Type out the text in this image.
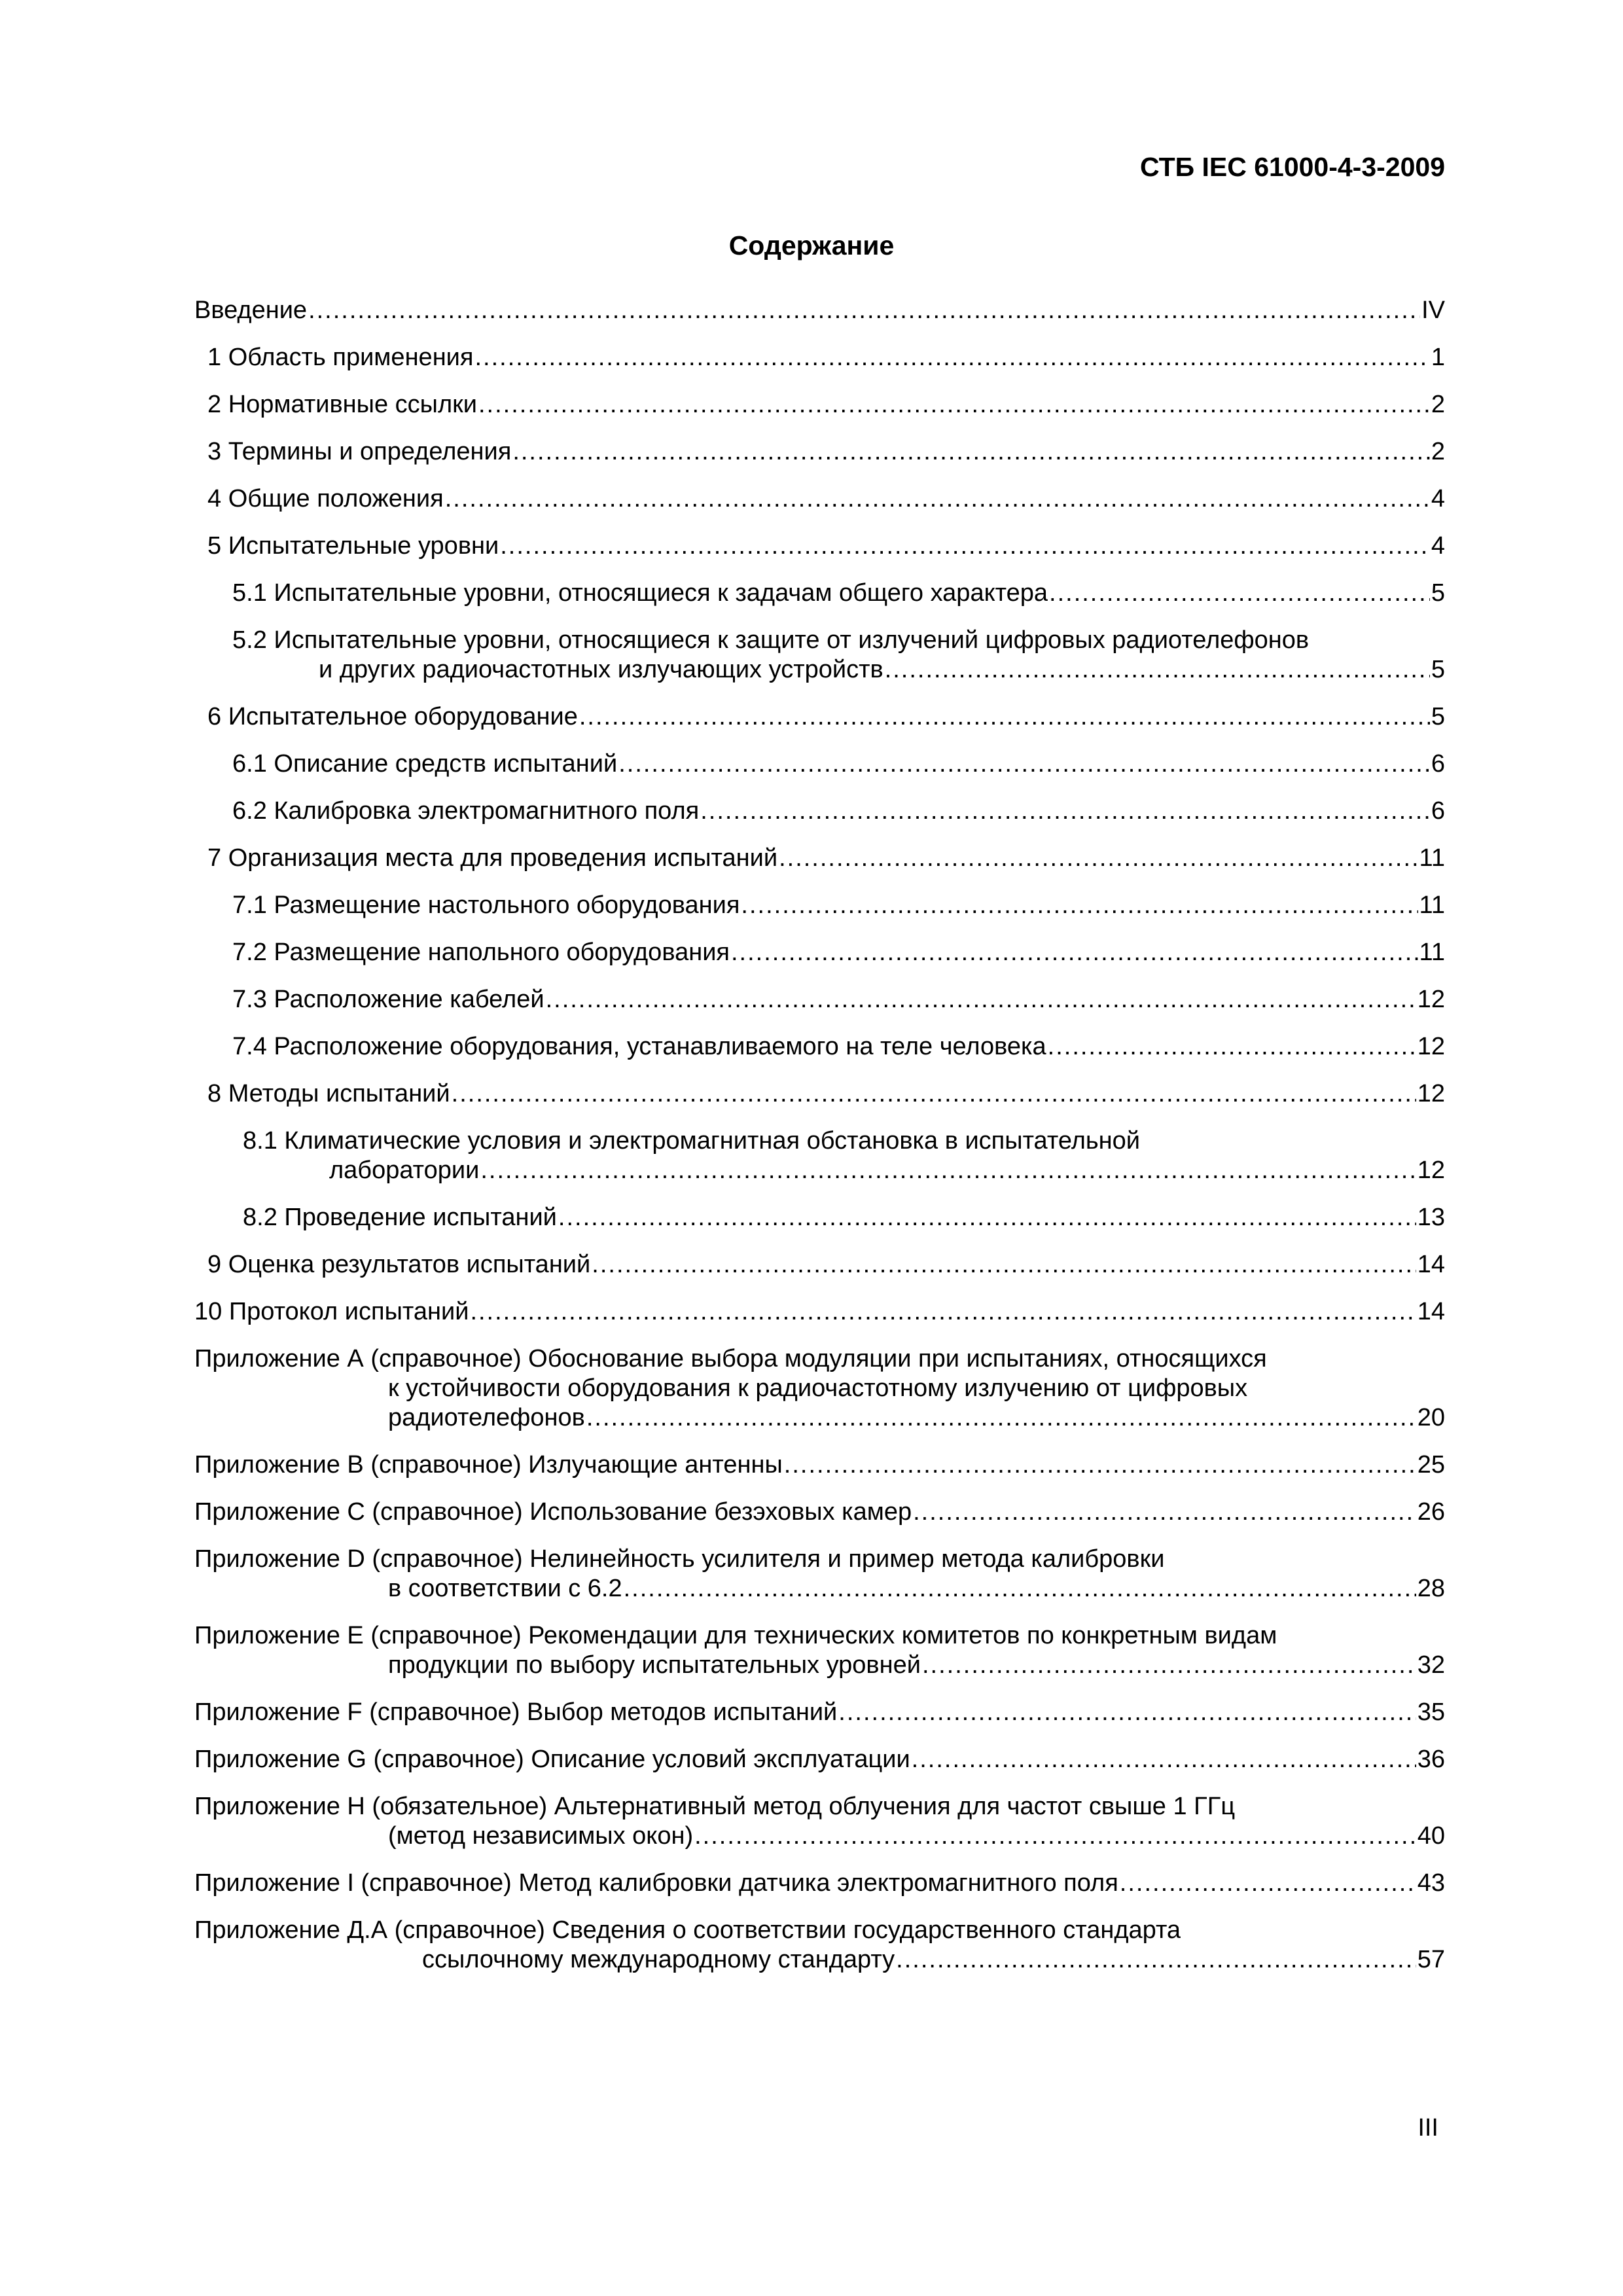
СТБ IEC 61000-4-3-2009
Содержание
Введение .....	IV
1 Область применения .....	1
2 Нормативные ссылки .....	2
3 Термины и определения .....	2
4 Общие положения .....	4
5 Испытательные уровни .....	4
5.1 Испытательные уровни, относящиеся к задачам общего характера .....	5
5.2 Испытательные уровни, относящиеся к защите от излучений цифровых радиотелефонов
и других радиочастотных излучающих устройств .....	5
6 Испытательное оборудование .....	5
6.1 Описание средств испытаний .....	6
6.2 Калибровка электромагнитного поля .....	6
7 Организация места для проведения испытаний .....	11
7.1 Размещение настольного оборудования .....	11
7.2 Размещение напольного оборудования .....	11
7.3 Расположение кабелей .....	12
7.4 Расположение оборудования, устанавливаемого на теле человека .....	12
8 Методы испытаний .....	12
8.1 Климатические условия и электромагнитная обстановка в испытательной
лаборатории .....	12
8.2 Проведение испытаний .....	13
9 Оценка результатов испытаний .....	14
10 Протокол испытаний .....	14
Приложение А (справочное) Обоснование выбора модуляции при испытаниях, относящихся
к устойчивости оборудования к радиочастотному излучению от цифровых
радиотелефонов .....	20
Приложение В (справочное) Излучающие антенны .....	25
Приложение С (справочное) Использование безэховых камер .....	26
Приложение D (справочное) Нелинейность усилителя и пример метода калибровки
в соответствии с 6.2 .....	28
Приложение E (справочное) Рекомендации для технических комитетов по конкретным видам
продукции по выбору испытательных уровней .....	32
Приложение F (справочное) Выбор методов испытаний .....	35
Приложение G (справочное) Описание условий эксплуатации .....	36
Приложение H (обязательное) Альтернативный метод облучения для частот свыше 1 ГГц
(метод независимых окон) .....	40
Приложение I (справочное) Метод калибровки датчика электромагнитного поля .....	43
Приложение Д.А (справочное) Сведения о соответствии государственного стандарта
ссылочному международному стандарту .....	57
III
